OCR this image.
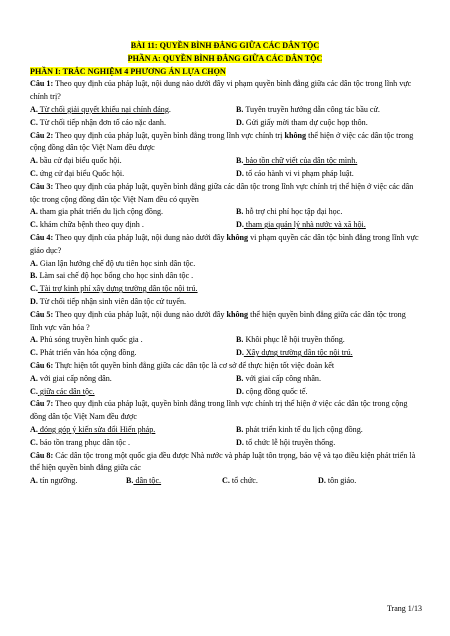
BÀI 11: QUYỀN BÌNH ĐẲNG GIỮA CÁC DÂN TỘC

PHẦN A: QUYỀN BÌNH ĐẲNG GIỮA CÁC DÂN TỘC

PHẦN I: TRẮC NGHIỆM 4 PHƯƠNG ÁN LỰA CHỌN

Câu 1: Theo quy định của pháp luật, nội dung nào dưới đây vi phạm quyền bình đẳng giữa các dân tộc trong lĩnh vực chính trị?

A. Từ chối giải quyết khiếu nại chính đáng.	B. Tuyên truyền hướng dẫn công tác bầu cử.
C. Từ chối tiếp nhận đơn tố cáo nặc danh.	D. Gửi giấy mời tham dự cuộc họp thôn.

Câu 2: Theo quy định của pháp luật, quyền bình đẳng trong lĩnh vực chính trị không thể hiện ở việc các dân tộc trong cộng đồng dân tộc Việt Nam đều được

A. bầu cử đại biểu quốc hội.	B. bảo tồn chữ viết của dân tộc mình.
C. ứng cử đại biểu Quốc hội.	D. tố cáo hành vi vi phạm pháp luật.

Câu 3: Theo quy định của pháp luật, quyền bình đẳng giữa các dân tộc trong lĩnh vực chính trị thể hiện ở việc các dân tộc trong cộng đồng dân tộc Việt Nam đều có quyền

A. tham gia phát triển du lịch cộng đồng.	B. hỗ trợ chi phí học tập đại học.
C. khám chữa bệnh theo quy định .	D. tham gia quản lý nhà nước và xã hội.

Câu 4: Theo quy định của pháp luật, nội dung nào dưới đây không vi phạm quyền các dân tộc bình đẳng trong lĩnh vực giáo dục?

A. Gian lận hưởng chế độ ưu tiên học sinh dân tộc.

B. Làm sai chế độ học bổng cho học sinh dân tộc .

C. Tài trợ kinh phí xây dựng trường dân tộc nội trú.

D. Từ chối tiếp nhận sinh viên dân tộc cử tuyển.

Câu 5: Theo quy định của pháp luật, nội dung nào dưới đây không thể hiện quyền bình đẳng giữa các dân tộc trong lĩnh vực văn hóa ?

A. Phủ sóng truyền hình quốc gia .	B. Khôi phục lễ hội truyền thống.
C. Phát triển văn hóa cộng đồng.	D. Xây dựng trường dân tộc nội trú.

Câu 6: Thực hiện tốt quyền bình đẳng giữa các dân tộc là cơ sở để thực hiện tốt việc đoàn kết

A. với giai cấp nông dân.	B. với giai cấp công nhân.
C. giữa các dân tộc.	D. cộng đồng quốc tế.

Câu 7: Theo quy định của pháp luật, quyền bình đẳng trong lĩnh vực chính trị thể hiện ở việc các dân tộc trong cộng đồng dân tộc Việt Nam đều được

A. đóng góp ý kiến sửa đổi Hiến pháp.	B. phát triển kinh tế du lịch cộng đồng.
C. bảo tồn trang phục dân tộc .	D. tổ chức lễ hội truyền thống.

Câu 8: Các dân tộc trong một quốc gia đều được Nhà nước và pháp luật tôn trọng, bảo vệ và tạo điều kiện phát triển là thể hiện quyền bình đẳng giữa các

A. tín ngưỡng.	B. dân tộc.	C. tổ chức.	D. tôn giáo.
Trang 1/13
